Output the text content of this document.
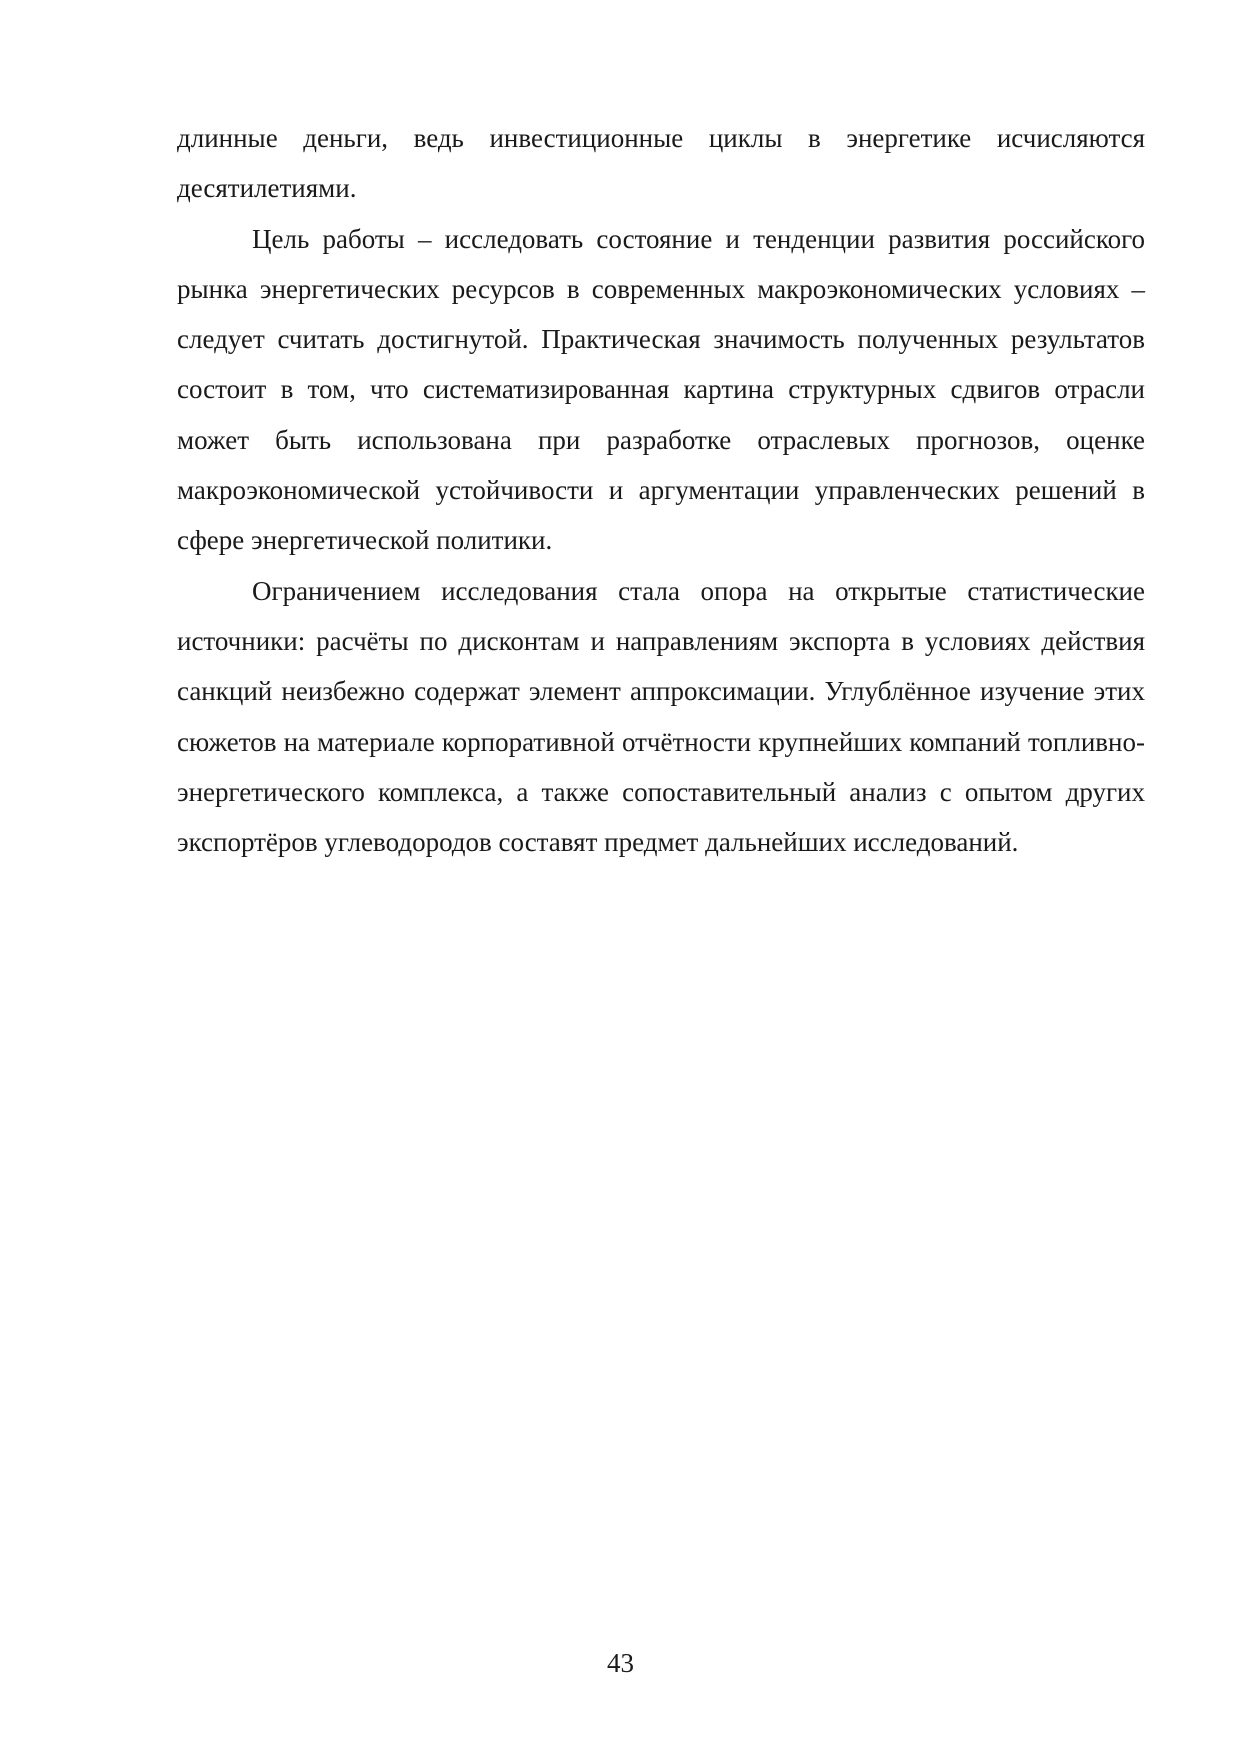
длинные деньги, ведь инвестиционные циклы в энергетике исчисляются десятилетиями.

Цель работы – исследовать состояние и тенденции развития российского рынка энергетических ресурсов в современных макроэкономических условиях – следует считать достигнутой. Практическая значимость полученных результатов состоит в том, что систематизированная картина структурных сдвигов отрасли может быть использована при разработке отраслевых прогнозов, оценке макроэкономической устойчивости и аргументации управленческих решений в сфере энергетической политики.

Ограничением исследования стала опора на открытые статистические источники: расчёты по дисконтам и направлениям экспорта в условиях действия санкций неизбежно содержат элемент аппроксимации. Углублённое изучение этих сюжетов на материале корпоративной отчётности крупнейших компаний топливно-энергетического комплекса, а также сопоставительный анализ с опытом других экспортёров углеводородов составят предмет дальнейших исследований.

43
